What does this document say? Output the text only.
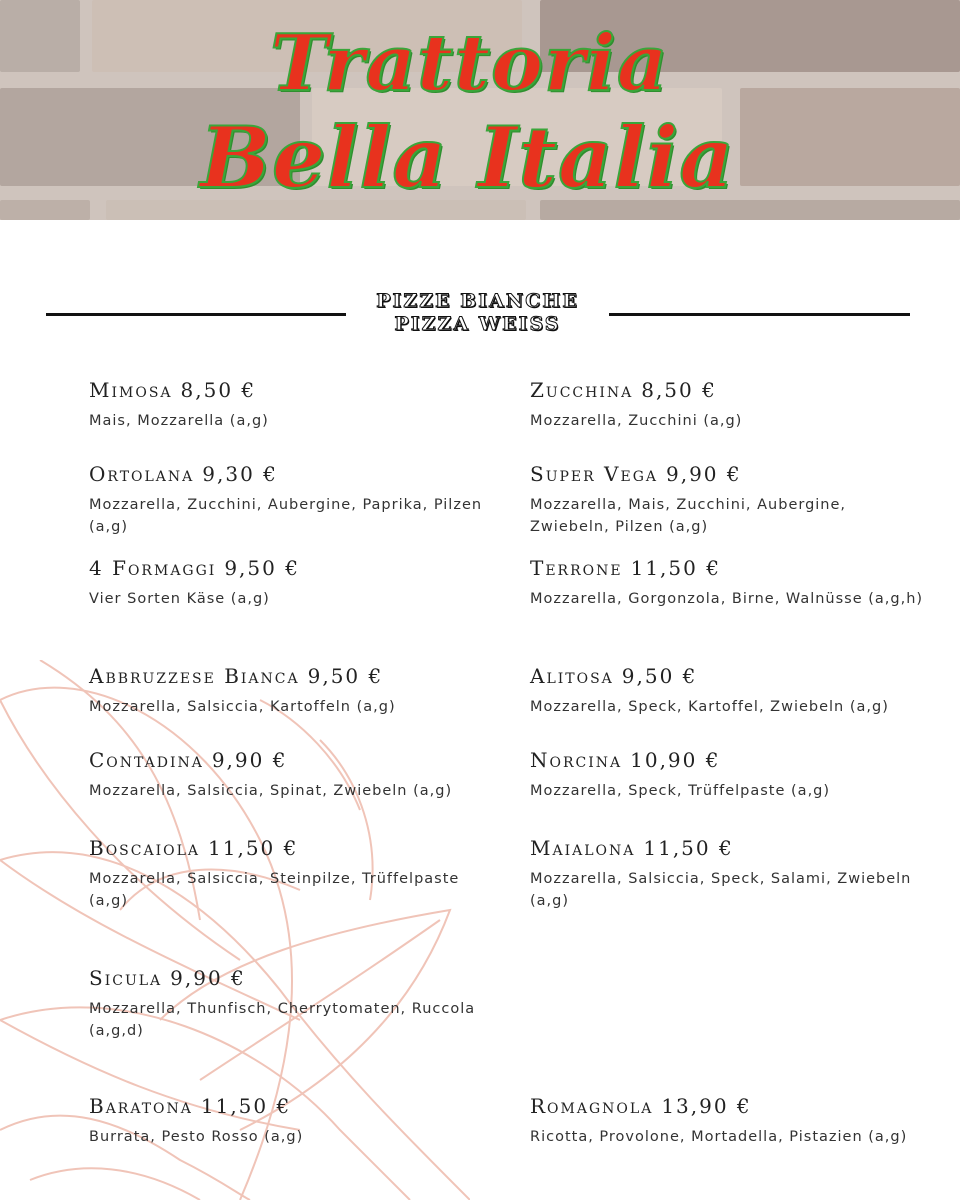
Trattoria
Bella Italia
PIZZE BIANCHE
PIZZA WEISS
Mimosa 8,50 €
Mais, Mozzarella (a,g)
Zucchina 8,50 €
Mozzarella, Zucchini (a,g)
Ortolana 9,30 €
Mozzarella, Zucchini, Aubergine, Paprika, Pilzen (a,g)
Super Vega 9,90 €
Mozzarella, Mais, Zucchini, Aubergine, Zwiebeln, Pilzen (a,g)
4 Formaggi 9,50 €
Vier Sorten Käse (a,g)
Terrone 11,50 €
Mozzarella, Gorgonzola, Birne, Walnüsse (a,g,h)
Abbruzzese Bianca 9,50 €
Mozzarella, Salsiccia, Kartoffeln (a,g)
Alitosa 9,50 €
Mozzarella, Speck, Kartoffel, Zwiebeln (a,g)
Contadina 9,90 €
Mozzarella, Salsiccia, Spinat, Zwiebeln (a,g)
Norcina 10,90 €
Mozzarella, Speck, Trüffelpaste (a,g)
Boscaiola 11,50 €
Mozzarella, Salsiccia, Steinpilze, Trüffelpaste (a,g)
Maialona 11,50 €
Mozzarella, Salsiccia, Speck, Salami, Zwiebeln (a,g)
Sicula 9,90 €
Mozzarella, Thunfisch, Cherrytomaten, Ruccola (a,g,d)
Baratona 11,50 €
Burrata, Pesto Rosso (a,g)
Romagnola 13,90 €
Ricotta, Provolone, Mortadella, Pistazien (a,g)
